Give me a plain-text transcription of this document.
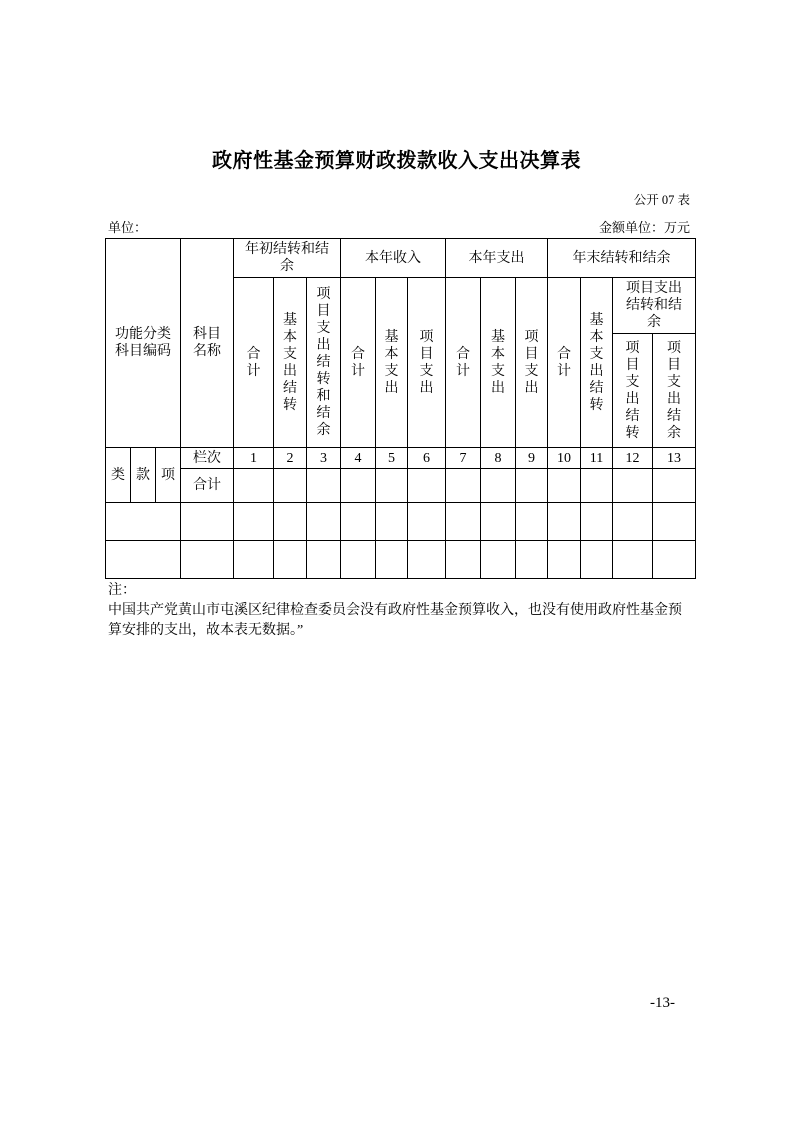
政府性基金预算财政拨款收入支出决算表
公开 07 表
单位：	金额单位：万元
功能分类科目编码			科目名称	年初结转和结余			本年收入			本年支出			年末结转和结余			
				合计	基本支出结转	项目支出结转和结余	合计	基本支出	项目支出	合计	基本支出	项目支出	合计	基本支出结转	项目支出结转和结余	
															项目支出结转	项目支出结余
类	款	项	栏次	1	2	3	4	5	6	7	8	9	10	11	12	13
			合计													

注：
中国共产党黄山市屯溪区纪律检查委员会没有政府性基金预算收入，也没有使用政府性基金预算安排的支出，故本表无数据。”
-13-
